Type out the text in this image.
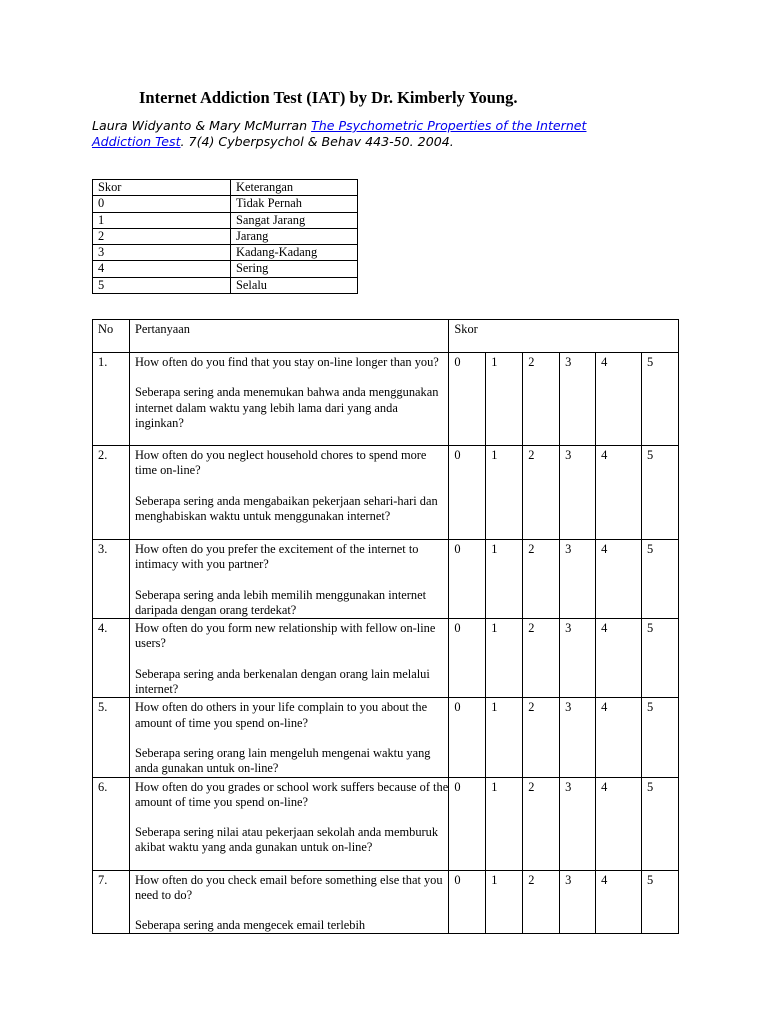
Internet Addiction Test (IAT) by Dr. Kimberly Young.
Laura Widyanto & Mary McMurran The Psychometric Properties of the Internet
Addiction Test. 7(4) Cyberpsychol & Behav 443-50. 2004.
Skor	Keterangan
0	Tidak Pernah
1	Sangat Jarang
2	Jarang
3	Kadang-Kadang
4	Sering
5	Selalu
No	Pertanyaan	Skor					
1.	How often do you find that you stay on-line longer than you?

Seberapa sering anda menemukan bahwa anda menggunakan internet dalam waktu yang lebih lama dari yang anda inginkan?	0	1	2	3	4	5
2.	How often do you neglect household chores to spend more time on-line?

Seberapa sering anda mengabaikan pekerjaan sehari-hari dan menghabiskan waktu untuk menggunakan internet?	0	1	2	3	4	5
3.	How often do you prefer the excitement of the internet to intimacy with you partner?

Seberapa sering anda lebih memilih menggunakan internet daripada dengan orang terdekat?	0	1	2	3	4	5
4.	How often do you form new relationship with fellow on-line users?

Seberapa sering anda berkenalan dengan orang lain melalui internet?	0	1	2	3	4	5
5.	How often do others in your life complain to you about the amount of time you spend on-line?

Seberapa sering orang lain mengeluh mengenai waktu yang anda gunakan untuk on-line?	0	1	2	3	4	5
6.	How often do you grades or school work suffers because of the amount of time you spend on-line?

Seberapa sering nilai atau pekerjaan sekolah anda memburuk akibat waktu yang anda gunakan untuk on-line?	0	1	2	3	4	5
7.	How often do you check email before something else that you need to do?

Seberapa sering anda mengecek email terlebih	0	1	2	3	4	5
